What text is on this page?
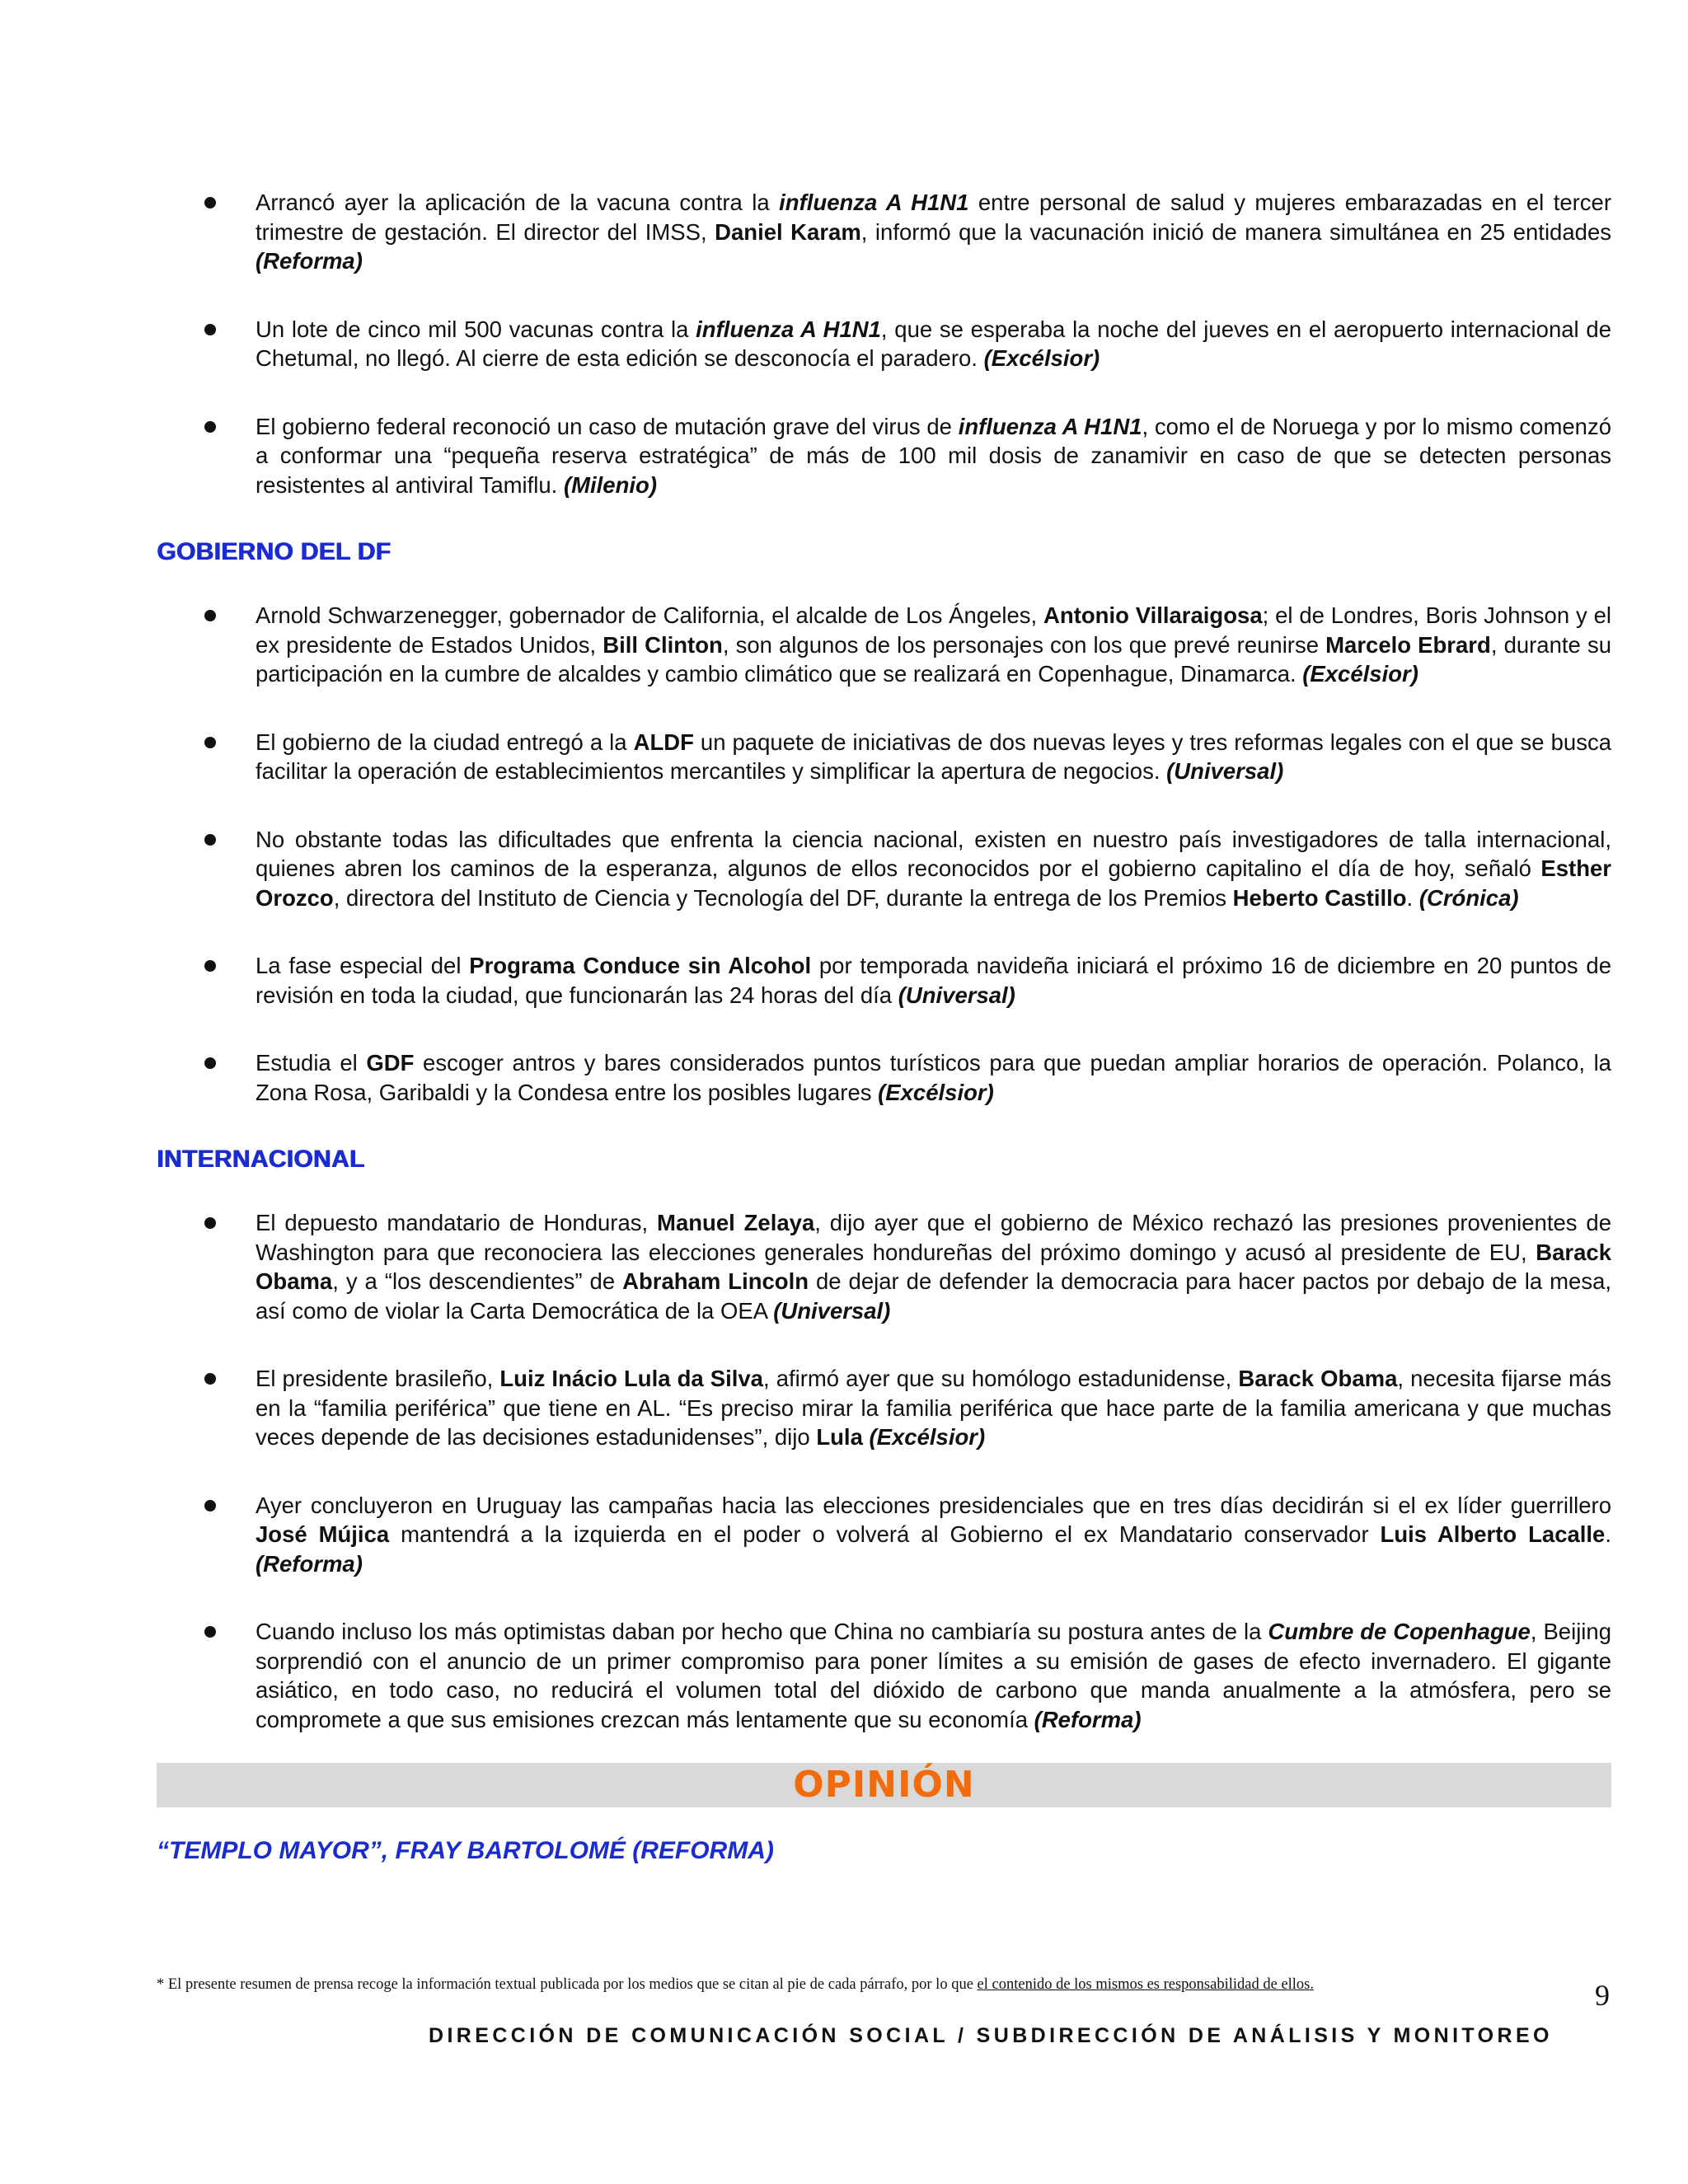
Arrancó ayer la aplicación de la vacuna contra la influenza A H1N1 entre personal de salud y mujeres embarazadas en el tercer trimestre de gestación. El director del IMSS, Daniel Karam, informó que la vacunación inició de manera simultánea en 25 entidades (Reforma)
Un lote de cinco mil 500 vacunas contra la influenza A H1N1, que se esperaba la noche del jueves en el aeropuerto internacional de Chetumal, no llegó. Al cierre de esta edición se desconocía el paradero. (Excélsior)
El gobierno federal reconoció un caso de mutación grave del virus de influenza A H1N1, como el de Noruega y por lo mismo comenzó a conformar una “pequeña reserva estratégica” de más de 100 mil dosis de zanamivir en caso de que se detecten personas resistentes al antiviral Tamiflu. (Milenio)
GOBIERNO DEL DF
Arnold Schwarzenegger, gobernador de California, el alcalde de Los Ángeles, Antonio Villaraigosa; el de Londres, Boris Johnson y el ex presidente de Estados Unidos, Bill Clinton, son algunos de los personajes con los que prevé reunirse Marcelo Ebrard, durante su participación en la cumbre de alcaldes y cambio climático que se realizará en Copenhague, Dinamarca. (Excélsior)
El gobierno de la ciudad entregó a la ALDF un paquete de iniciativas de dos nuevas leyes y tres reformas legales con el que se busca facilitar la operación de establecimientos mercantiles y simplificar la apertura de negocios. (Universal)
No obstante todas las dificultades que enfrenta la ciencia nacional, existen en nuestro país investigadores de talla internacional, quienes abren los caminos de la esperanza, algunos de ellos reconocidos por el gobierno capitalino el día de hoy, señaló Esther Orozco, directora del Instituto de Ciencia y Tecnología del DF, durante la entrega de los Premios Heberto Castillo. (Crónica)
La fase especial del Programa Conduce sin Alcohol por temporada navideña iniciará el próximo 16 de diciembre en 20 puntos de revisión en toda la ciudad, que funcionarán las 24 horas del día (Universal)
Estudia el GDF escoger antros y bares considerados puntos turísticos para que puedan ampliar horarios de operación. Polanco, la Zona Rosa, Garibaldi y la Condesa entre los posibles lugares (Excélsior)
INTERNACIONAL
El depuesto mandatario de Honduras, Manuel Zelaya, dijo ayer que el gobierno de México rechazó las presiones provenientes de Washington para que reconociera las elecciones generales hondureñas del próximo domingo y acusó al presidente de EU, Barack Obama, y a “los descendientes” de Abraham Lincoln de dejar de defender la democracia para hacer pactos por debajo de la mesa, así como de violar la Carta Democrática de la OEA (Universal)
El presidente brasileño, Luiz Inácio Lula da Silva, afirmó ayer que su homólogo estadunidense, Barack Obama, necesita fijarse más en la “familia periférica” que tiene en AL. “Es preciso mirar la familia periférica que hace parte de la familia americana y que muchas veces depende de las decisiones estadunidenses”, dijo Lula (Excélsior)
Ayer concluyeron en Uruguay las campañas hacia las elecciones presidenciales que en tres días decidirán si el ex líder guerrillero José Mújica mantendrá a la izquierda en el poder o volverá al Gobierno el ex Mandatario conservador Luis Alberto Lacalle. (Reforma)
Cuando incluso los más optimistas daban por hecho que China no cambiaría su postura antes de la Cumbre de Copenhague, Beijing sorprendió con el anuncio de un primer compromiso para poner límites a su emisión de gases de efecto invernadero. El gigante asiático, en todo caso, no reducirá el volumen total del dióxido de carbono que manda anualmente a la atmósfera, pero se compromete a que sus emisiones crezcan más lentamente que su economía (Reforma)
OPINIÓN
“TEMPLO MAYOR”, FRAY BARTOLOMÉ (REFORMA)
* El presente resumen de prensa recoge la información textual publicada por los medios que se citan al pie de cada párrafo, por lo que el contenido de los mismos es responsabilidad de ellos.	9
DIRECCIÓN DE COMUNICACIÓN SOCIAL / SUBDIRECCIÓN DE ANÁLISIS Y MONITOREO
